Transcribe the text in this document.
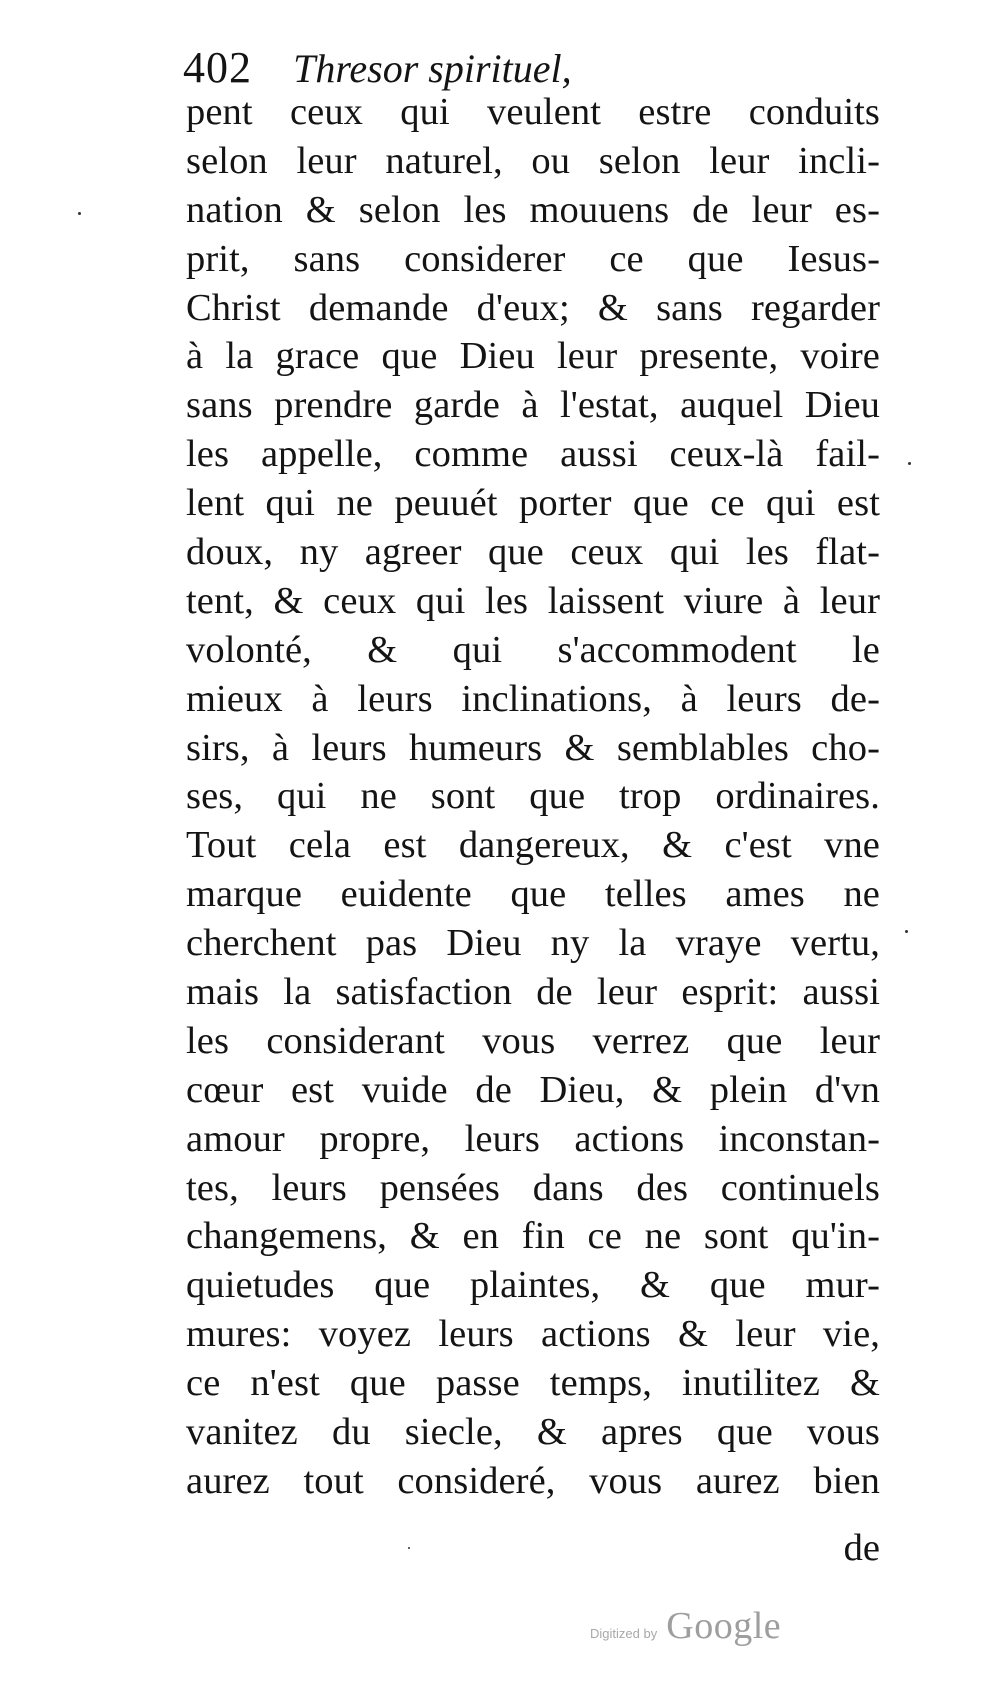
402 Thresor spirituel,
pent ceux qui veulent estre conduits
selon leur naturel, ou selon leur incli-
nation & selon les mouuens de leur es-
prit, sans considerer ce que Iesus-
Christ demande d'eux; & sans regarder
à la grace que Dieu leur presente, voire
sans prendre garde à l'estat, auquel Dieu
les appelle, comme aussi ceux-là fail-
lent qui ne peuuét porter que ce qui est
doux, ny agreer que ceux qui les flat-
tent, & ceux qui les laissent viure à leur
volonté, & qui s'accommodent le
mieux à leurs inclinations, à leurs de-
sirs, à leurs humeurs & semblables cho-
ses, qui ne sont que trop ordinaires.
Tout cela est dangereux, & c'est vne
marque euidente que telles ames ne
cherchent pas Dieu ny la vraye vertu,
mais la satisfaction de leur esprit: aussi
les considerant vous verrez que leur
cœur est vuide de Dieu, & plein d'vn
amour propre, leurs actions inconstan-
tes, leurs pensées dans des continuels
changemens, & en fin ce ne sont qu'in-
quietudes que plaintes, & que mur-
mures: voyez leurs actions & leur vie,
ce n'est que passe temps, inutilitez &
vanitez du siecle, & apres que vous
aurez tout consideré, vous aurez bien
de
Digitized by Google
